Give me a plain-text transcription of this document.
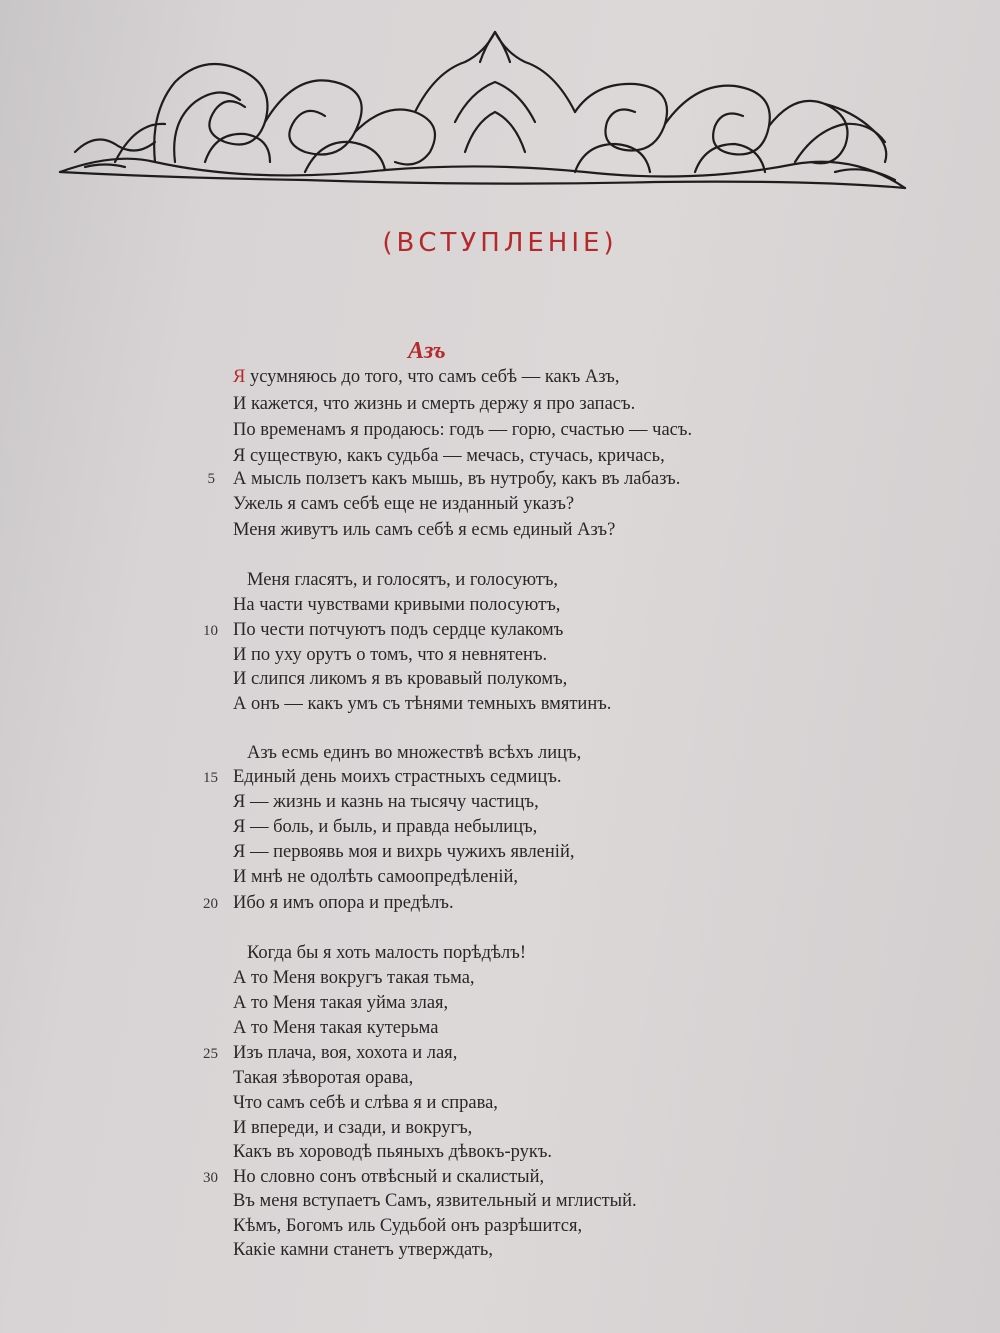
(ВСТУПЛЕНІЕ)
Азъ
Я усумняюсь до того, что самъ себѣ — какъ Азъ,
И кажется, что жизнь и смерть держу я про запасъ.
По временамъ я продаюсь: годъ — горю, счастью — часъ.
Я существую, какъ судьба — мечась, стучась, кричась,
5 А мысль ползетъ какъ мышь, въ нутробу, какъ въ лабазъ.
Ужель я самъ себѣ еще не изданный указъ?
Меня живутъ иль самъ себѣ я есмь единый Азъ?
Меня гласятъ, и голосятъ, и голосуютъ,
На части чувствами кривыми полосуютъ,
10 По чести потчуютъ подъ сердце кулакомъ
И по уху орутъ о томъ, что я невнятенъ.
И слипся ликомъ я въ кровавый полукомъ,
А онъ — какъ умъ съ тѣнями темныхъ вмятинъ.
Азъ есмь единъ во множествѣ всѣхъ лицъ,
15 Единый день моихъ страстныхъ седмицъ.
Я — жизнь и казнь на тысячу частицъ,
Я — боль, и быль, и правда небылицъ,
Я — первоявь моя и вихрь чужихъ явленій,
И мнѣ не одолѣть самоопредѣленій,
20 Ибо я имъ опора и предѣлъ.
Когда бы я хоть малость порѣдѣлъ!
А то Меня вокругъ такая тьма,
А то Меня такая уйма злая,
А то Меня такая кутерьма
25 Изъ плача, воя, хохота и лая,
Такая зѣворотая орава,
Что самъ себѣ и слѣва я и справа,
И впереди, и сзади, и вокругъ,
Какъ въ хороводѣ пьяныхъ дѣвокъ-рукъ.
30 Но словно сонъ отвѣсный и скалистый,
Въ меня вступаетъ Самъ, язвительный и мглистый.
Кѣмъ, Богомъ иль Судьбой онъ разрѣшится,
Какіе камни станетъ утверждать,
